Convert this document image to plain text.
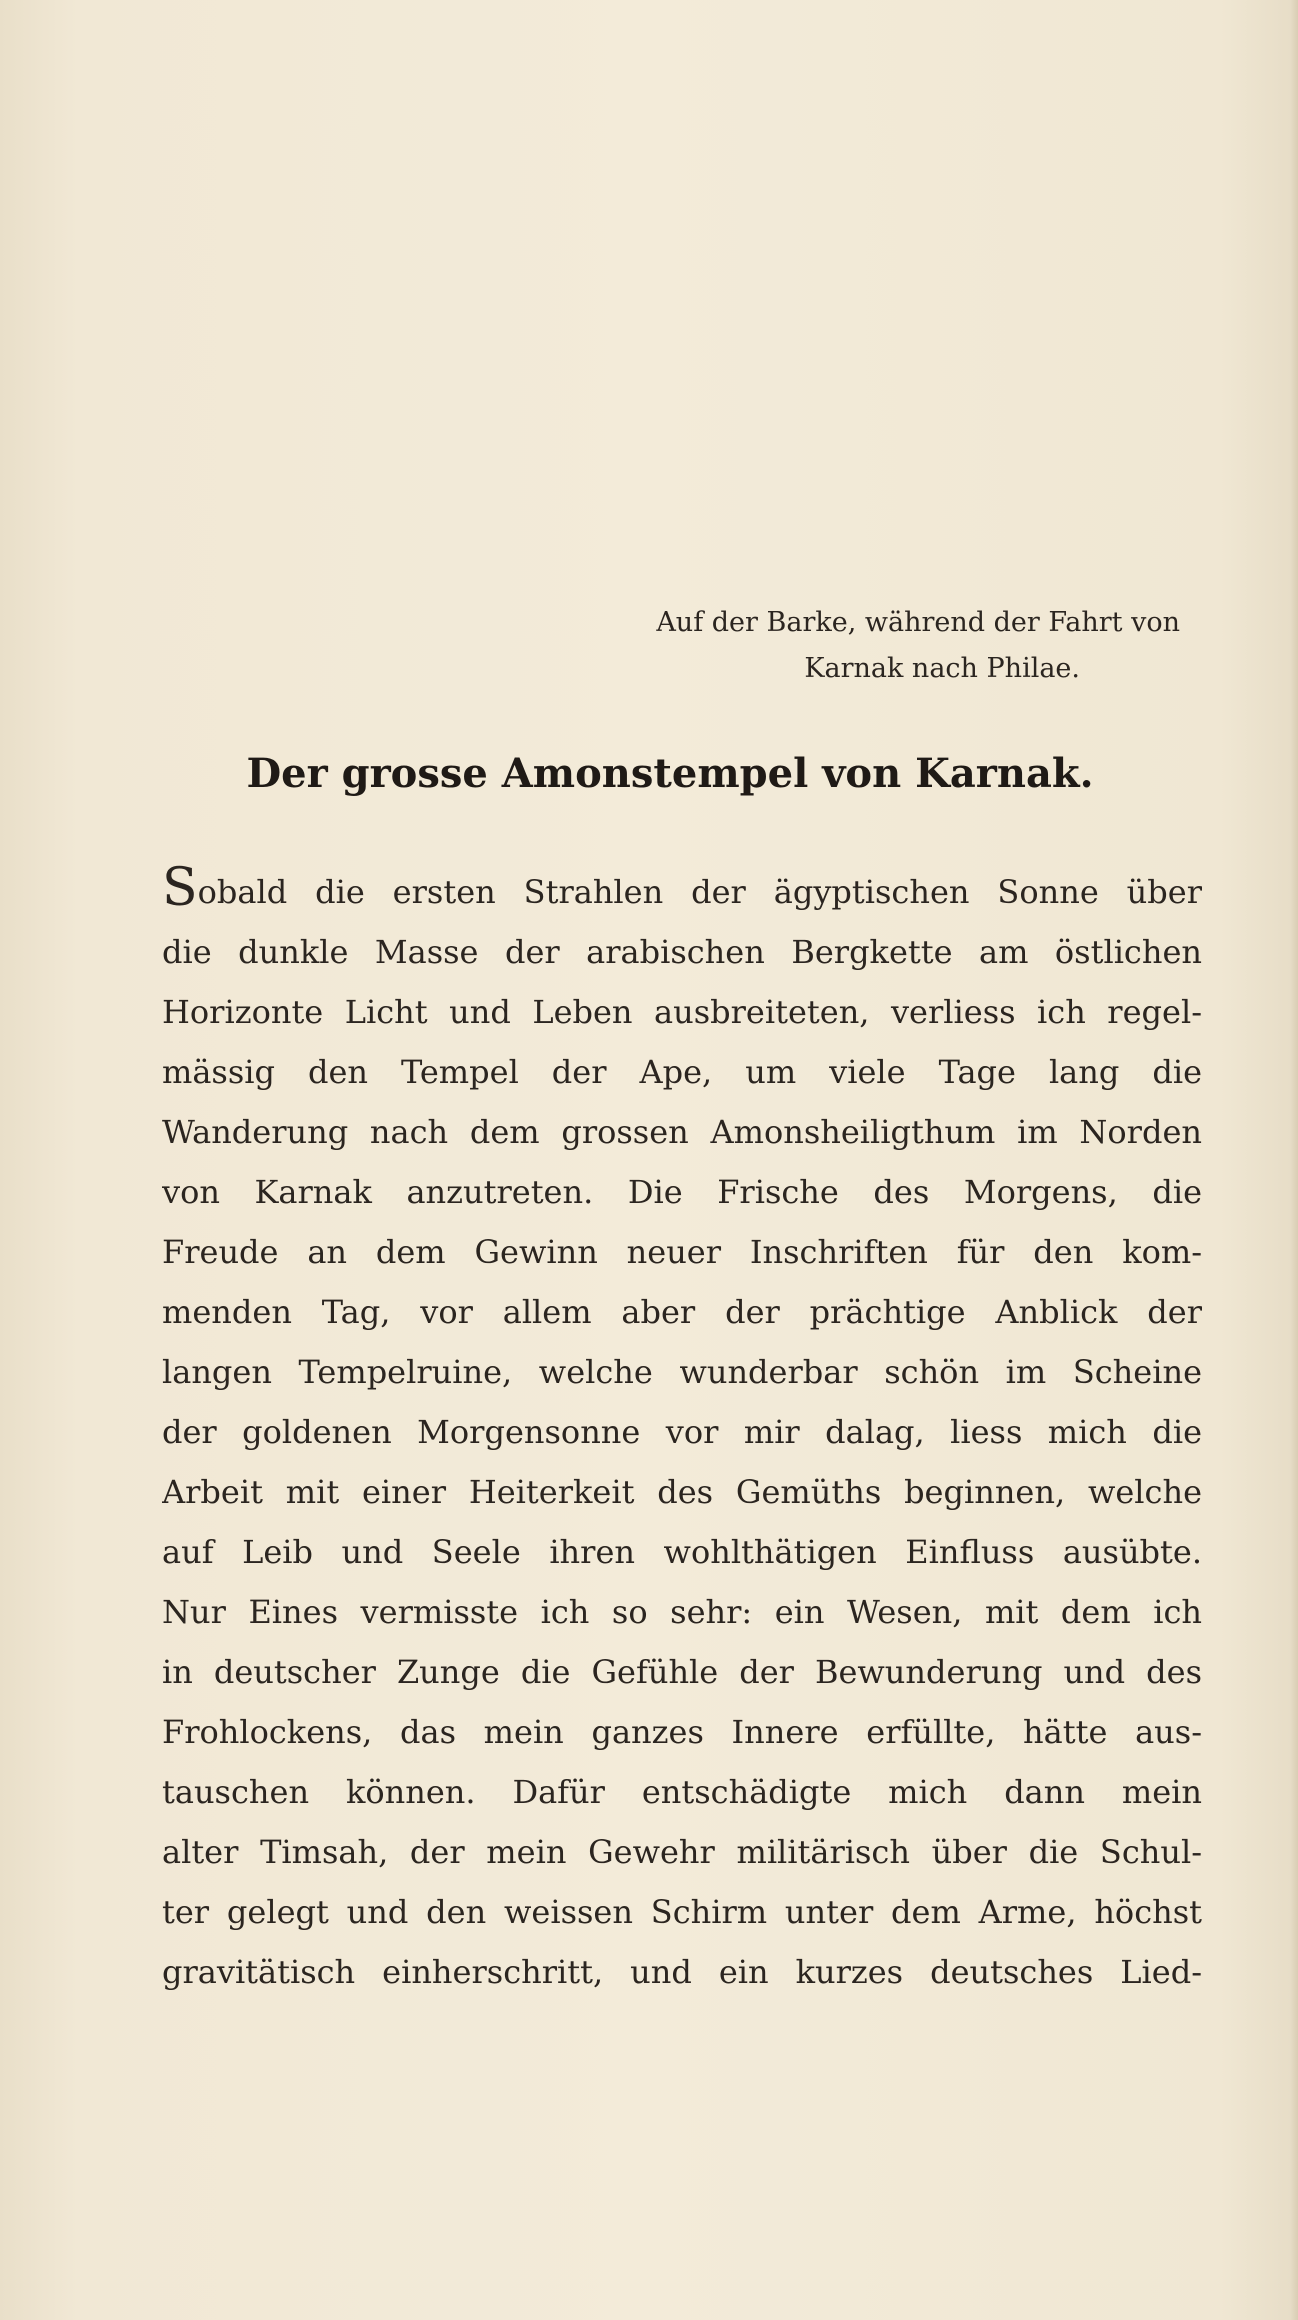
Auf der Barke, während der Fahrt von

Karnak nach Philae.
Der grosse Amonstempel von Karnak.
Sobald die ersten Strahlen der ägyptischen Sonne über
die dunkle Masse der arabischen Bergkette am östlichen
Horizonte Licht und Leben ausbreiteten, verliess ich regel-
mässig den Tempel der Ape, um viele Tage lang die
Wanderung nach dem grossen Amonsheiligthum im Norden
von Karnak anzutreten. Die Frische des Morgens, die
Freude an dem Gewinn neuer Inschriften für den kom-
menden Tag, vor allem aber der prächtige Anblick der
langen Tempelruine, welche wunderbar schön im Scheine
der goldenen Morgensonne vor mir dalag, liess mich die
Arbeit mit einer Heiterkeit des Gemüths beginnen, welche
auf Leib und Seele ihren wohlthätigen Einfluss ausübte.
Nur Eines vermisste ich so sehr: ein Wesen, mit dem ich
in deutscher Zunge die Gefühle der Bewunderung und des
Frohlockens, das mein ganzes Innere erfüllte, hätte aus-
tauschen können. Dafür entschädigte mich dann mein
alter Timsah, der mein Gewehr militärisch über die Schul-
ter gelegt und den weissen Schirm unter dem Arme, höchst
gravitätisch einherschritt, und ein kurzes deutsches Lied-
